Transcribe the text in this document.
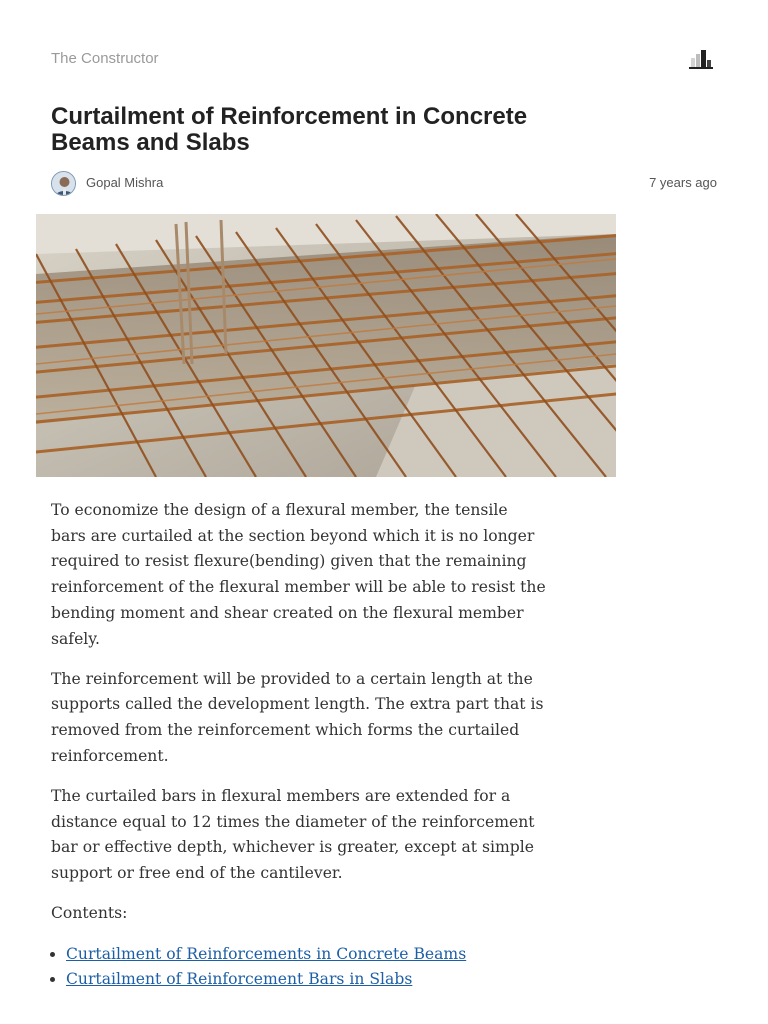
The Constructor
Curtailment of Reinforcement in Concrete Beams and Slabs
Gopal Mishra	7 years ago

To economize the design of a flexural member, the tensile bars are curtailed at the section beyond which it is no longer required to resist flexure(bending) given that the remaining reinforcement of the flexural member will be able to resist the bending moment and shear created on the flexural member safely.

The reinforcement will be provided to a certain length at the supports called the development length. The extra part that is removed from the reinforcement which forms the curtailed reinforcement.

The curtailed bars in flexural members are extended for a distance equal to 12 times the diameter of the reinforcement bar or effective depth, whichever is greater, except at simple support or free end of the cantilever.

Contents:
• Curtailment of Reinforcements in Concrete Beams
• Curtailment of Reinforcement Bars in Slabs
